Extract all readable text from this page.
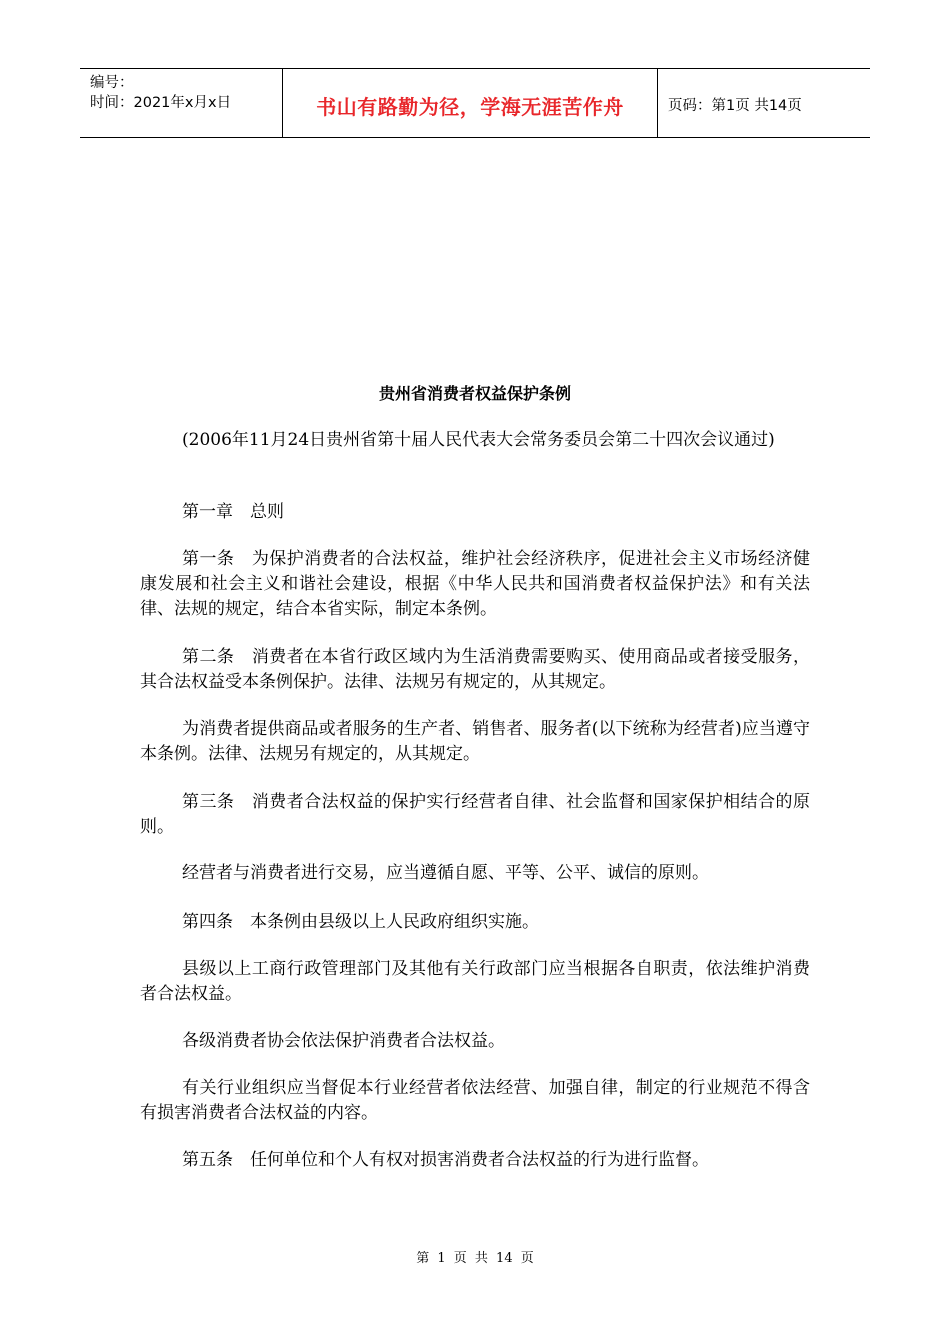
编号：
时间：2021年x月x日	书山有路勤为径，学海无涯苦作舟	页码：第1页 共14页
贵州省消费者权益保护条例
(2006年11月24日贵州省第十届人民代表大会常务委员会第二十四次会议通过)
第一章　总则
第一条　为保护消费者的合法权益，维护社会经济秩序，促进社会主义市场经济健康发展和社会主义和谐社会建设，根据《中华人民共和国消费者权益保护法》和有关法律、法规的规定，结合本省实际，制定本条例。
第二条　消费者在本省行政区域内为生活消费需要购买、使用商品或者接受服务，其合法权益受本条例保护。法律、法规另有规定的，从其规定。
为消费者提供商品或者服务的生产者、销售者、服务者(以下统称为经营者)应当遵守本条例。法律、法规另有规定的，从其规定。
第三条　消费者合法权益的保护实行经营者自律、社会监督和国家保护相结合的原则。
经营者与消费者进行交易，应当遵循自愿、平等、公平、诚信的原则。
第四条　本条例由县级以上人民政府组织实施。
县级以上工商行政管理部门及其他有关行政部门应当根据各自职责，依法维护消费者合法权益。
各级消费者协会依法保护消费者合法权益。
有关行业组织应当督促本行业经营者依法经营、加强自律，制定的行业规范不得含有损害消费者合法权益的内容。
第五条　任何单位和个人有权对损害消费者合法权益的行为进行监督。
第 1 页 共 14 页
